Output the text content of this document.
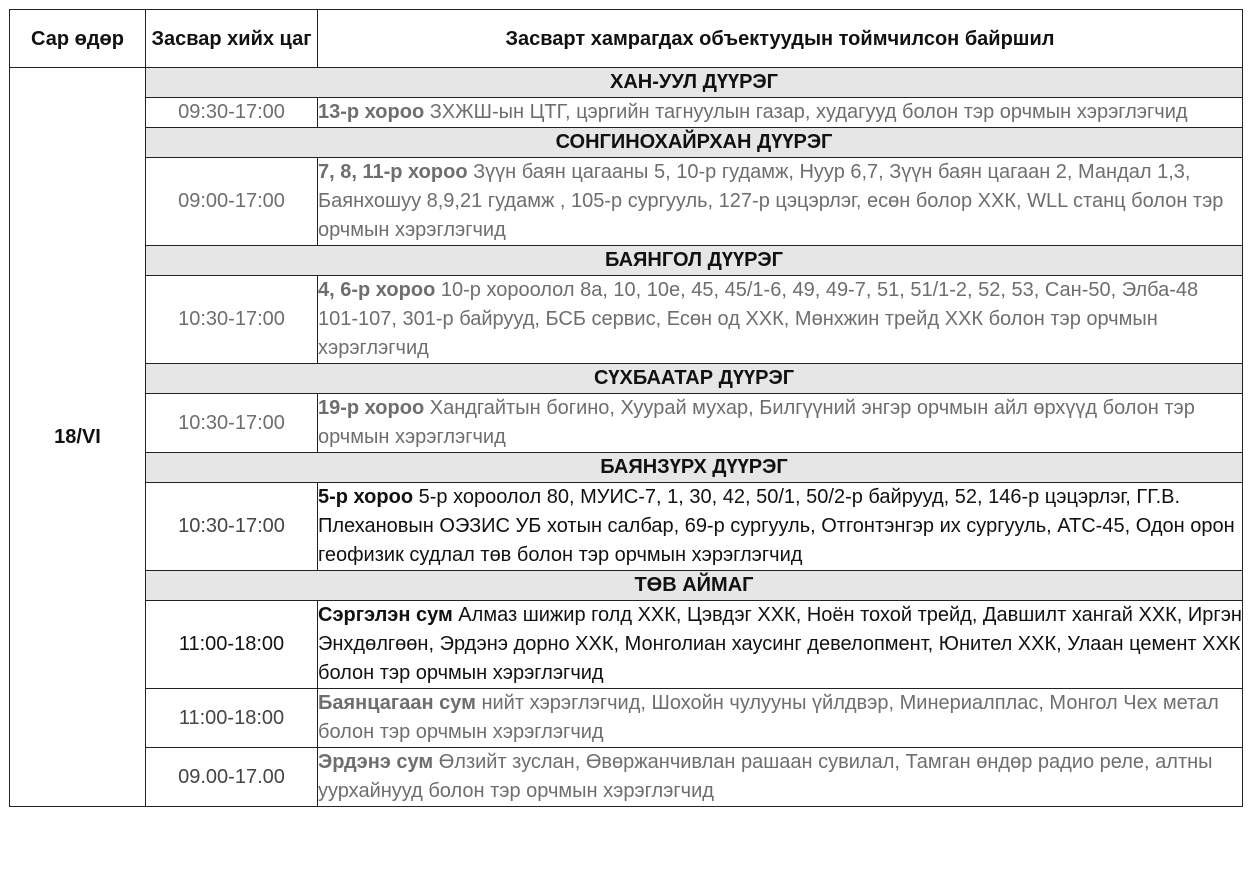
Сар өдөр	Засвар хийх цаг	Засварт хамрагдах объектуудын тоймчилсон байршил
18/VI	ХАН-УУЛ ДҮҮРЭГ	
	09:30-17:00	13-р хороо ЗХЖШ-ын ЦТГ, цэргийн тагнуулын газар, худагууд болон тэр орчмын хэрэглэгчид
	СОНГИНОХАЙРХАН ДҮҮРЭГ	
	09:00-17:00	7, 8, 11-р хороо Зүүн баян цагааны 5, 10-р гудамж, Нуур 6,7, Зүүн баян цагаан 2, Мандал 1,3, Баянхошуу 8,9,21 гудамж , 105-р сургууль, 127-р цэцэрлэг, есөн болор ХХК, WLL станц болон тэр орчмын хэрэглэгчид
	БАЯНГОЛ ДҮҮРЭГ	
	10:30-17:00	4, 6-р хороо 10-р хороолол 8а, 10, 10е, 45, 45/1-6, 49, 49-7, 51, 51/1-2, 52, 53, Сан-50, Элба-48 101-107, 301-р байрууд, БСБ сервис, Есөн од ХХК, Мөнхжин трейд ХХК болон тэр орчмын хэрэглэгчид
	СҮХБААТАР ДҮҮРЭГ	
	10:30-17:00	19-р хороо Хандгайтын богино, Хуурай мухар, Билгүүний энгэр орчмын айл өрхүүд болон тэр орчмын хэрэглэгчид
	БАЯНЗҮРХ ДҮҮРЭГ	
	10:30-17:00	5-р хороо 5-р хороолол 80, МУИС-7, 1, 30, 42, 50/1, 50/2-р байрууд, 52, 146-р цэцэрлэг, ГГ.В. Плехановын ОЭЗИС УБ хотын салбар, 69-р сургууль, Отгонтэнгэр их сургууль, АТС-45, Одон орон геофизик судлал төв болон тэр орчмын хэрэглэгчид
	ТӨВ АЙМАГ	
	11:00-18:00	Сэргэлэн сум Алмаз шижир голд ХХК, Цэвдэг ХХК, Ноён тохой трейд, Давшилт хангай ХХК, Иргэн Энхдөлгөөн, Эрдэнэ дорно ХХК, Монголиан хаусинг девелопмент, Юнител ХХК, Улаан цемент ХХК болон тэр орчмын хэрэглэгчид
	11:00-18:00	Баянцагаан сум нийт хэрэглэгчид, Шохойн чулууны үйлдвэр, Минериалплас, Монгол Чех метал болон тэр орчмын хэрэглэгчид
	09.00-17.00	Эрдэнэ сум Өлзийт зуслан, Өвөржанчивлан рашаан сувилал, Тамган өндөр радио реле, алтны уурхайнууд болон тэр орчмын хэрэглэгчид
